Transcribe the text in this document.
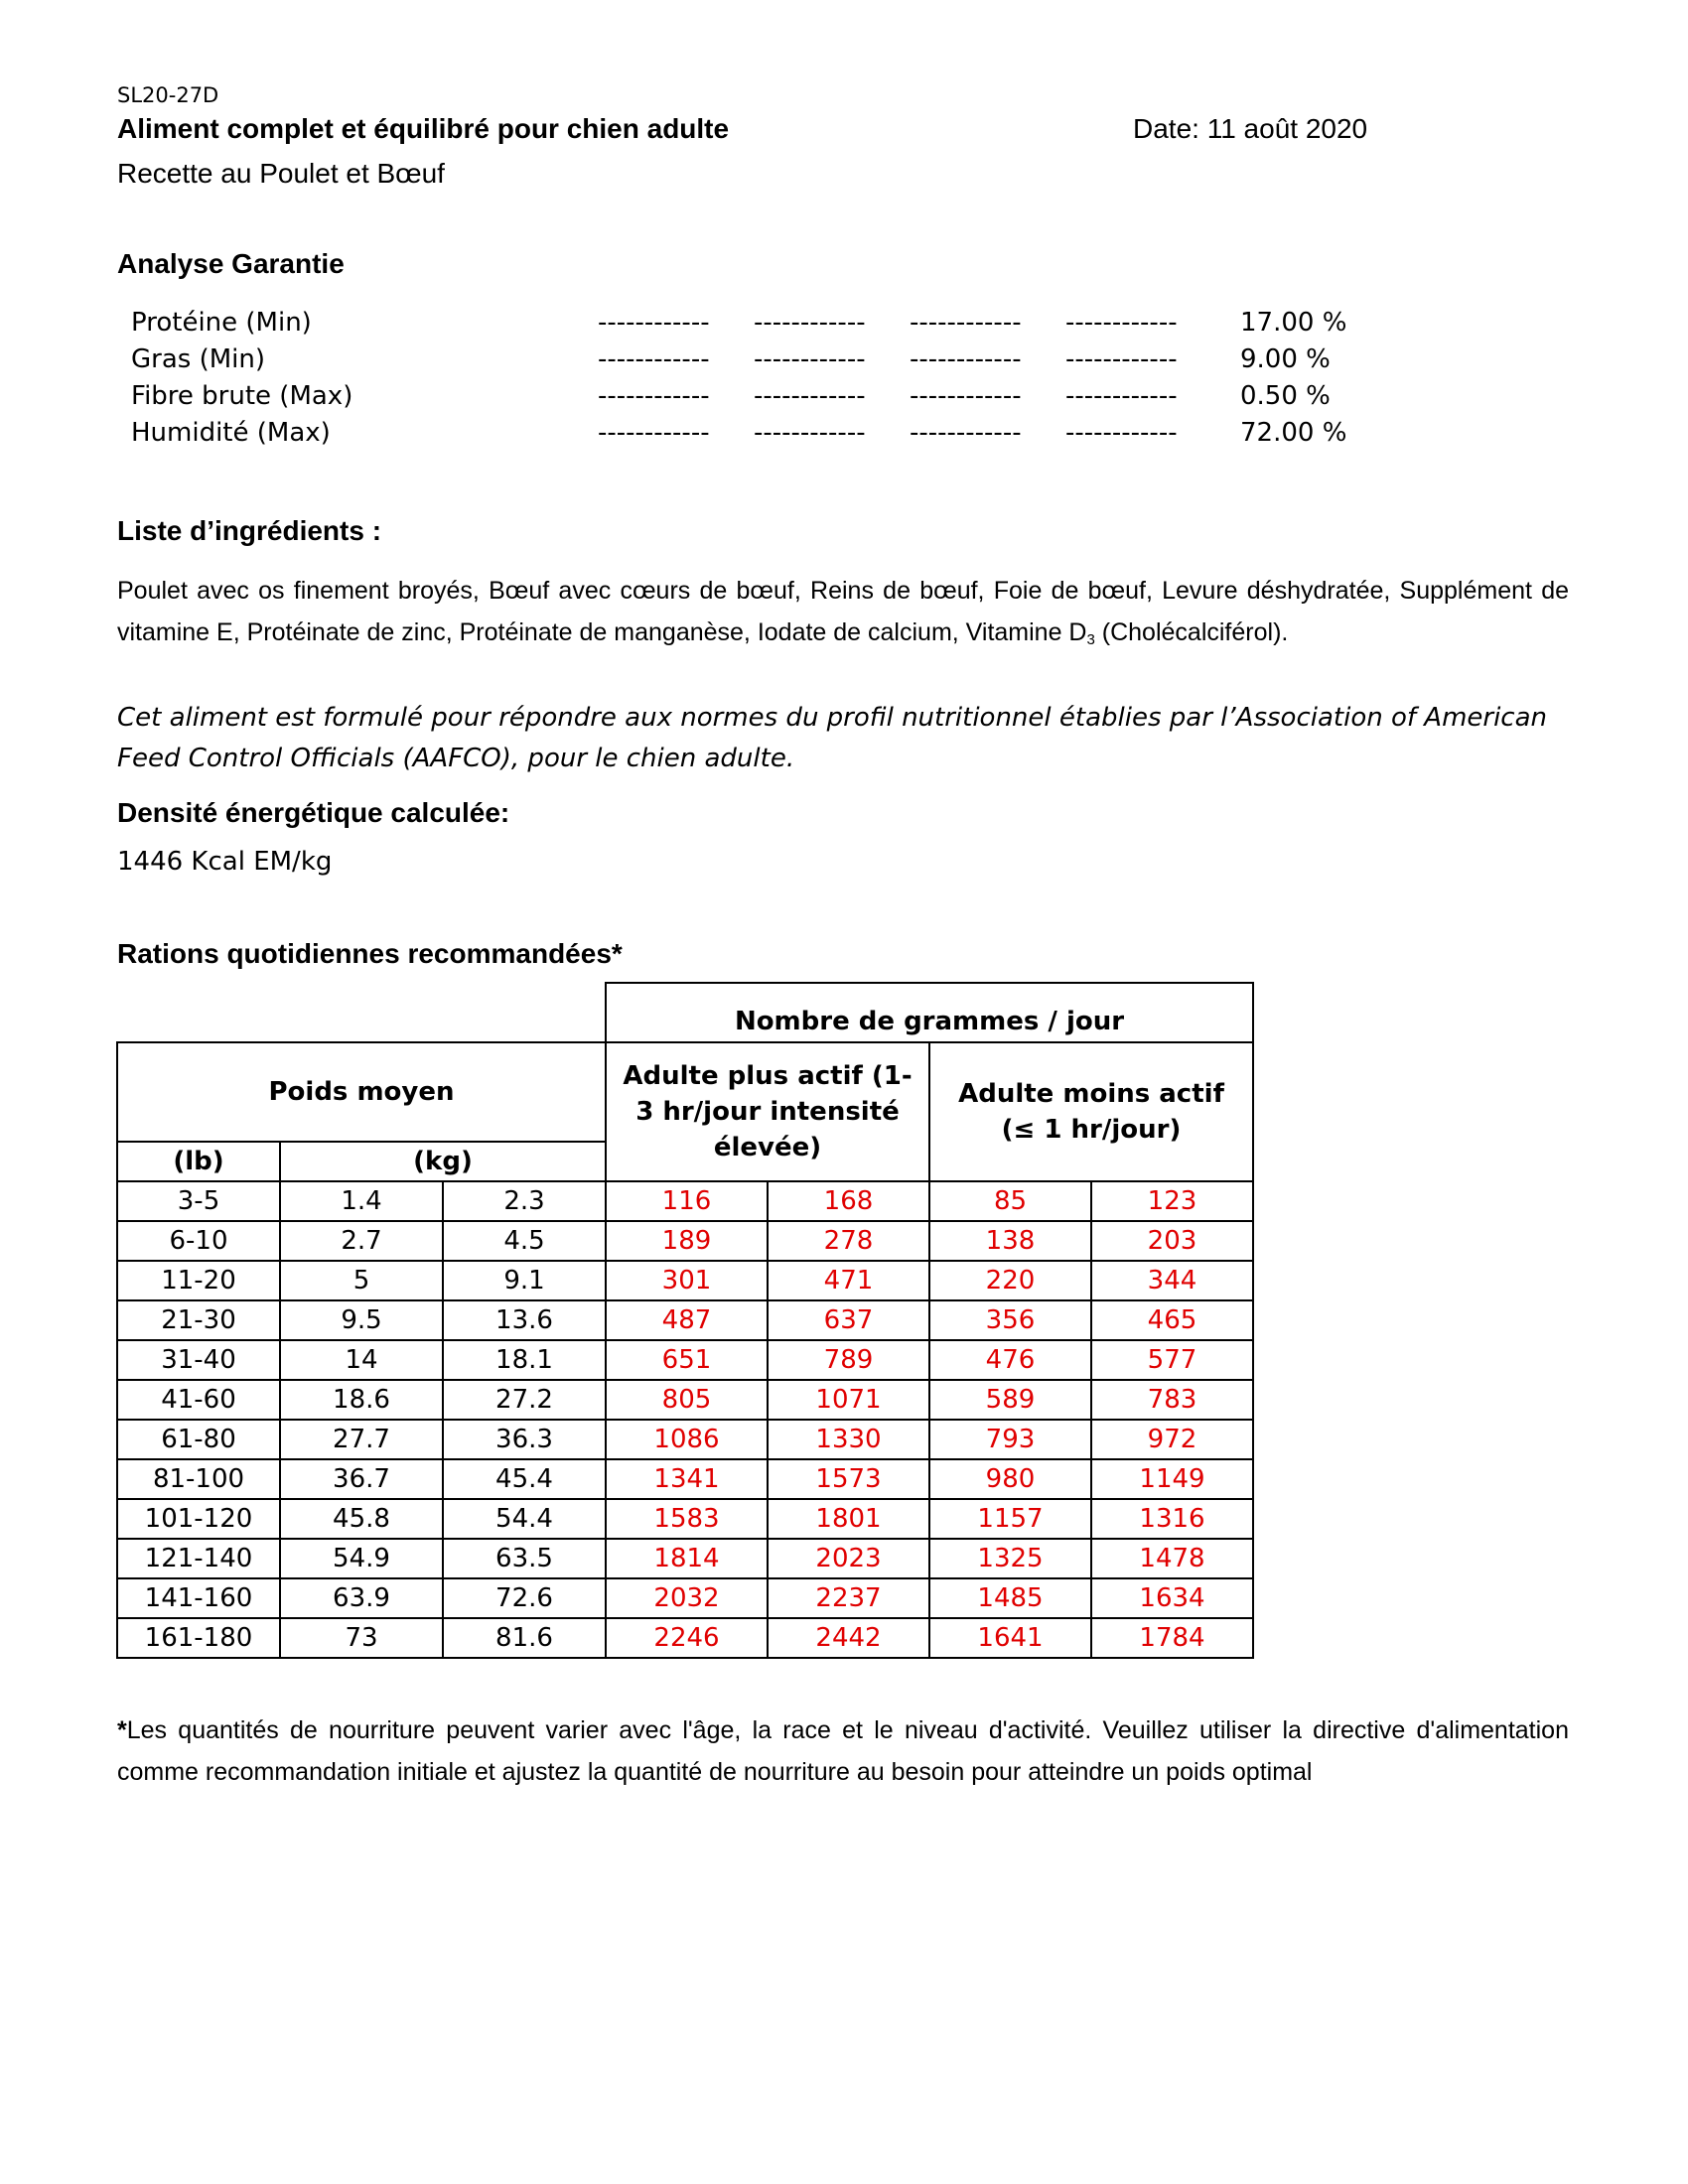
SL20-27D
Aliment complet et équilibré pour chien adulte	Date: 11 août 2020
Recette au Poulet et Bœuf
Analyse Garantie
Protéine (Min)	------------ ------------ ------------ ------------ 17.00 %
Gras (Min)	------------ ------------ ------------ ------------ 9.00 %
Fibre brute (Max)	------------ ------------ ------------ ------------ 0.50 %
Humidité (Max)	------------ ------------ ------------ ------------ 72.00 %
Liste d’ingrédients :
Poulet avec os finement broyés, Bœuf avec cœurs de bœuf, Reins de bœuf, Foie de bœuf, Levure déshydratée, Supplément de vitamine E, Protéinate de zinc, Protéinate de manganèse, Iodate de calcium, Vitamine $D_3$ (Cholécalciférol).
Cet aliment est formulé pour répondre aux normes du profil nutritionnel établies par l’Association of American Feed Control Officials (AAFCO), pour le chien adulte.
Densité énergétique calculée:
1446 Kcal EM/kg
Rations quotidiennes recommandées*
			Nombre de grammes / jour			
Poids moyen			Adulte plus actif (1-3 hr/jour intensité élevée)		Adulte moins actif (≤ 1 hr/jour)	
(lb)	(kg)					
3-5	1.4	2.3	116	168	85	123
6-10	2.7	4.5	189	278	138	203
11-20	5	9.1	301	471	220	344
21-30	9.5	13.6	487	637	356	465
31-40	14	18.1	651	789	476	577
41-60	18.6	27.2	805	1071	589	783
61-80	27.7	36.3	1086	1330	793	972
81-100	36.7	45.4	1341	1573	980	1149
101-120	45.8	54.4	1583	1801	1157	1316
121-140	54.9	63.5	1814	2023	1325	1478
141-160	63.9	72.6	2032	2237	1485	1634
161-180	73	81.6	2246	2442	1641	1784
*Les quantités de nourriture peuvent varier avec l'âge, la race et le niveau d'activité. Veuillez utiliser la directive d'alimentation comme recommandation initiale et ajustez la quantité de nourriture au besoin pour atteindre un poids optimal
